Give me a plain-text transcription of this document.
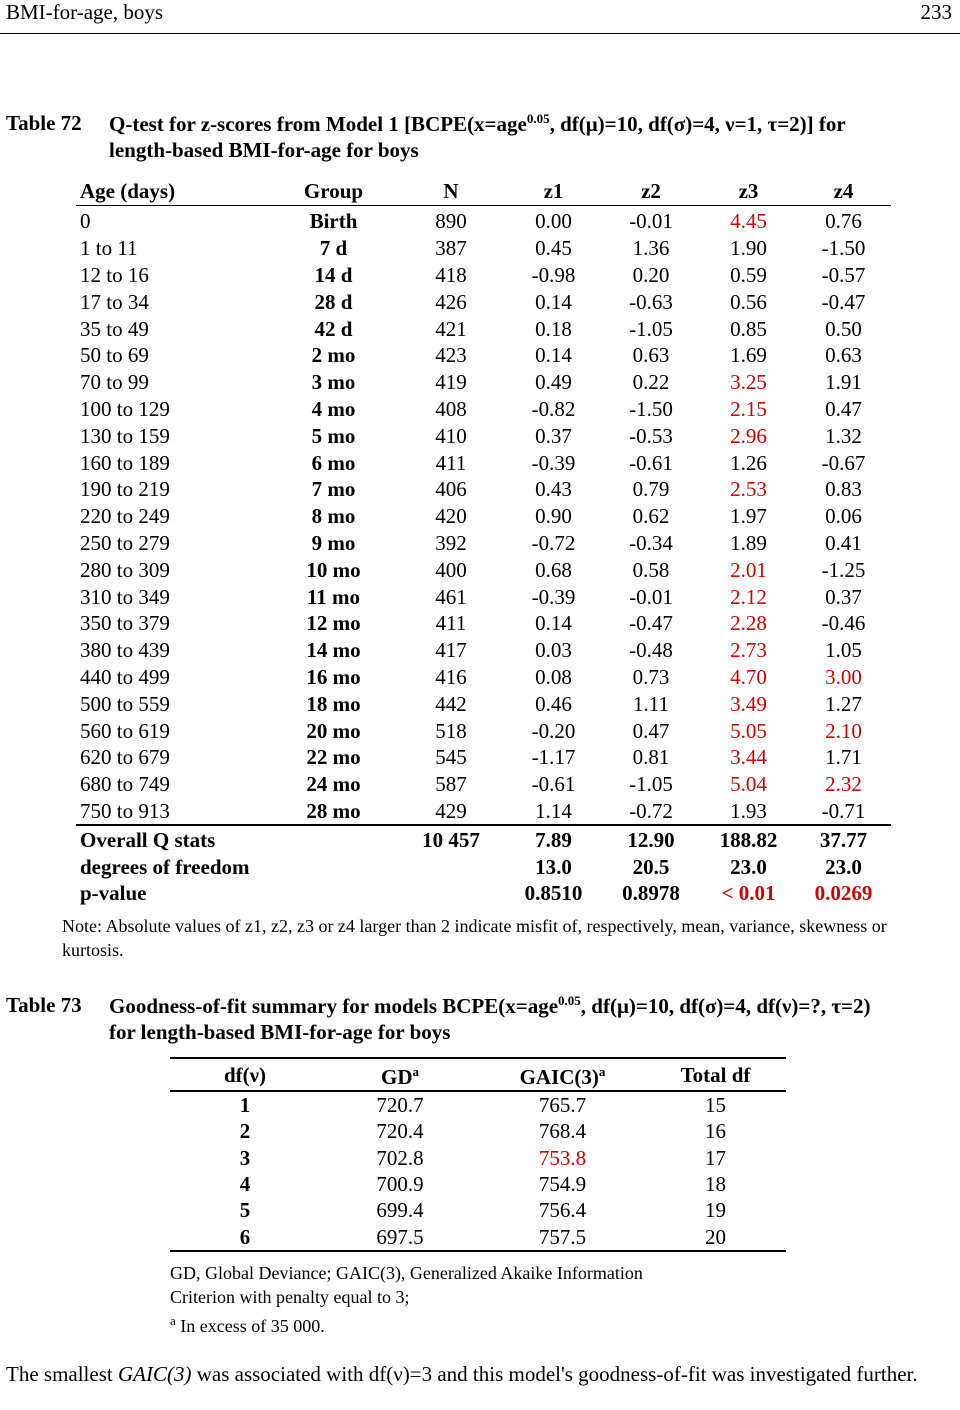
BMI-for-age, boys	233
Table 72 Q-test for z-scores from Model 1 [BCPE(x=age$^{0.05}$, df(μ)=10, df(σ)=4, ν=1, τ=2)] for
length-based BMI-for-age for boys
Age (days)	Group	N	z1	z2	z3	z4
0	Birth	890	0.00	-0.01	4.45	0.76
1 to 11	7 d	387	0.45	1.36	1.90	-1.50
12 to 16	14 d	418	-0.98	0.20	0.59	-0.57
17 to 34	28 d	426	0.14	-0.63	0.56	-0.47
35 to 49	42 d	421	0.18	-1.05	0.85	0.50
50 to 69	2 mo	423	0.14	0.63	1.69	0.63
70 to 99	3 mo	419	0.49	0.22	3.25	1.91
100 to 129	4 mo	408	-0.82	-1.50	2.15	0.47
130 to 159	5 mo	410	0.37	-0.53	2.96	1.32
160 to 189	6 mo	411	-0.39	-0.61	1.26	-0.67
190 to 219	7 mo	406	0.43	0.79	2.53	0.83
220 to 249	8 mo	420	0.90	0.62	1.97	0.06
250 to 279	9 mo	392	-0.72	-0.34	1.89	0.41
280 to 309	10 mo	400	0.68	0.58	2.01	-1.25
310 to 349	11 mo	461	-0.39	-0.01	2.12	0.37
350 to 379	12 mo	411	0.14	-0.47	2.28	-0.46
380 to 439	14 mo	417	0.03	-0.48	2.73	1.05
440 to 499	16 mo	416	0.08	0.73	4.70	3.00
500 to 559	18 mo	442	0.46	1.11	3.49	1.27
560 to 619	20 mo	518	-0.20	0.47	5.05	2.10
620 to 679	22 mo	545	-1.17	0.81	3.44	1.71
680 to 749	24 mo	587	-0.61	-1.05	5.04	2.32
750 to 913	28 mo	429	1.14	-0.72	1.93	-0.71
Overall Q stats		10 457	7.89	12.90	188.82	37.77
degrees of freedom			13.0	20.5	23.0	23.0
p-value			0.8510	0.8978	< 0.01	0.0269
Note: Absolute values of z1, z2, z3 or z4 larger than 2 indicate misfit of, respectively, mean, variance, skewness or kurtosis.
Table 73 Goodness-of-fit summary for models BCPE(x=age$^{0.05}$, df(μ)=10, df(σ)=4, df(ν)=?, τ=2)
for length-based BMI-for-age for boys
df(ν)	$GD^a$	$GAIC(3)^a$	Total df
1	720.7	765.7	15
2	720.4	768.4	16
3	702.8	753.8	17
4	700.9	754.9	18
5	699.4	756.4	19
6	697.5	757.5	20
GD, Global Deviance; GAIC(3), Generalized Akaike Information
Criterion with penalty equal to 3;
$^a$ In excess of 35 000.
The smallest GAIC(3) was associated with df(ν)=3 and this model's goodness-of-fit was investigated further.
